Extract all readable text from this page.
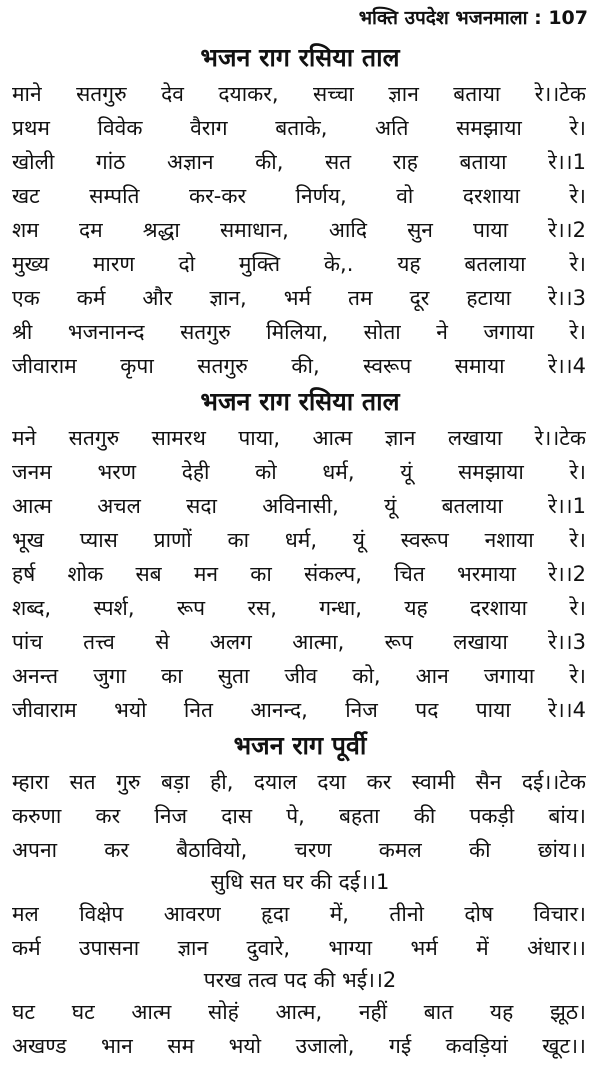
भक्ति उपदेश भजनमाला : 107
भजन राग रसिया ताल
माने सतगुरु देव दयाकर, सच्चा ज्ञान बताया रे।।टेक
प्रथम विवेक वैराग बताके, अति समझाया रे।
खोली गांठ अज्ञान की, सत राह बताया रे।।1
खट सम्पति कर-कर निर्णय, वो दरशाया रे।
शम दम श्रद्धा समाधान, आदि सुन पाया रे।।2
मुख्य मारण दो मुक्ति के,. यह बतलाया रे।
एक कर्म और ज्ञान, भर्म तम दूर हटाया रे।।3
श्री भजनानन्द सतगुरु मिलिया, सोता ने जगाया रे।
जीवाराम कृपा सतगुरु की, स्वरूप समाया रे।।4
भजन राग रसिया ताल
मने सतगुरु सामरथ पाया, आत्म ज्ञान लखाया रे।।टेक
जनम भरण देही को धर्म, यूं समझाया रे।
आत्म अचल सदा अविनासी, यूं बतलाया रे।।1
भूख प्यास प्राणों का धर्म, यूं स्वरूप नशाया रे।
हर्ष शोक सब मन का संकल्प, चित भरमाया रे।।2
शब्द, स्पर्श, रूप रस, गन्धा, यह दरशाया रे।
पांच तत्त्व से अलग आत्मा, रूप लखाया रे।।3
अनन्त जुगा का सुता जीव को, आन जगाया रे।
जीवाराम भयो नित आनन्द, निज पद पाया रे।।4
भजन राग पूर्वी
म्हारा सत गुरु बड़ा ही, दयाल दया कर स्वामी सैन दई।।टेक
करुणा कर निज दास पे, बहता की पकड़ी बांय।
अपना कर बैठावियो, चरण कमल की छांय।।
सुधि सत घर की दई।।1
मल विक्षेप आवरण हृदा में, तीनो दोष विचार।
कर्म उपासना ज्ञान दुवारे, भाग्या भर्म में अंधार।।
परख तत्व पद की भई।।2
घट घट आत्म सोहं आत्म, नहीं बात यह झूठ।
अखण्ड भान सम भयो उजालो, गई कवड़ियां खूट।।
